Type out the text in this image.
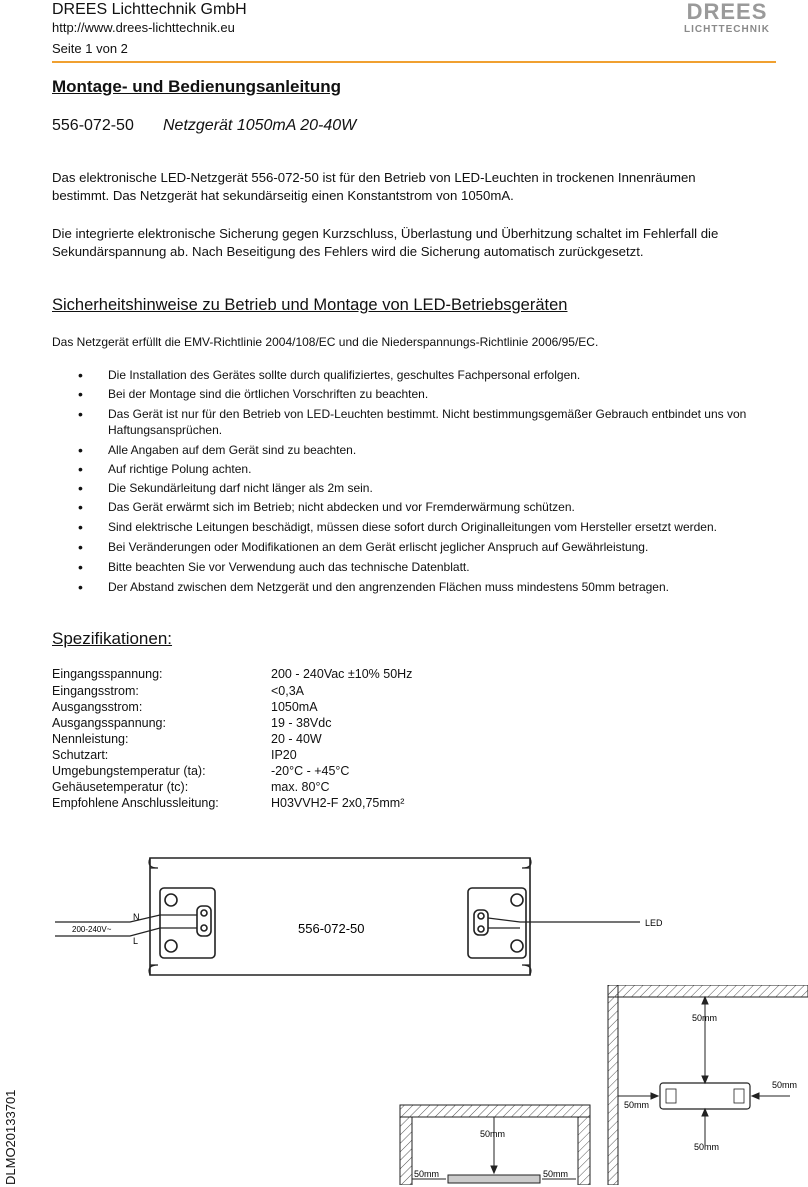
DREES Lichttechnik GmbH
http://www.drees-lichttechnik.eu
Seite 1 von 2
DREES
LICHTTECHNIK
Montage- und Bedienungsanleitung
556-072-50 Netzgerät 1050mA 20-40W
Das elektronische LED-Netzgerät 556-072-50 ist für den Betrieb von LED-Leuchten in trockenen Innenräumen bestimmt. Das Netzgerät hat sekundärseitig einen Konstantstrom von 1050mA.
Die integrierte elektronische Sicherung gegen Kurzschluss, Überlastung und Überhitzung schaltet im Fehlerfall die Sekundärspannung ab. Nach Beseitigung des Fehlers wird die Sicherung automatisch zurückgesetzt.
Sicherheitshinweise zu Betrieb und Montage von LED-Betriebsgeräten
Das Netzgerät erfüllt die EMV-Richtlinie 2004/108/EC und die Niederspannungs-Richtlinie 2006/95/EC.
• Die Installation des Gerätes sollte durch qualifiziertes, geschultes Fachpersonal erfolgen.
• Bei der Montage sind die örtlichen Vorschriften zu beachten.
• Das Gerät ist nur für den Betrieb von LED-Leuchten bestimmt. Nicht bestimmungsgemäßer Gebrauch entbindet uns von Haftungsansprüchen.
• Alle Angaben auf dem Gerät sind zu beachten.
• Auf richtige Polung achten.
• Die Sekundärleitung darf nicht länger als 2m sein.
• Das Gerät erwärmt sich im Betrieb; nicht abdecken und vor Fremderwärmung schützen.
• Sind elektrische Leitungen beschädigt, müssen diese sofort durch Originalleitungen vom Hersteller ersetzt werden.
• Bei Veränderungen oder Modifikationen an dem Gerät erlischt jeglicher Anspruch auf Gewährleistung.
• Bitte beachten Sie vor Verwendung auch das technische Datenblatt.
• Der Abstand zwischen dem Netzgerät und den angrenzenden Flächen muss mindestens 50mm betragen.
Spezifikationen:
Eingangsspannung:	200 - 240Vac ±10% 50Hz
Eingangsstrom:	<0,3A
Ausgangsstrom:	1050mA
Ausgangsspannung:	19 - 38Vdc
Nennleistung:	20 - 40W
Schutzart:	IP20
Umgebungstemperatur (ta):	-20°C - +45°C
Gehäusetemperatur (tc):	max. 80°C
Empfohlene Anschlussleitung:	H03VVH2-F 2x0,75mm²
N
L
200-240V~	556-072-50	LED
50mm
50mm
50mm
50mm
50mm
50mm	50mm
DLMO20133701
